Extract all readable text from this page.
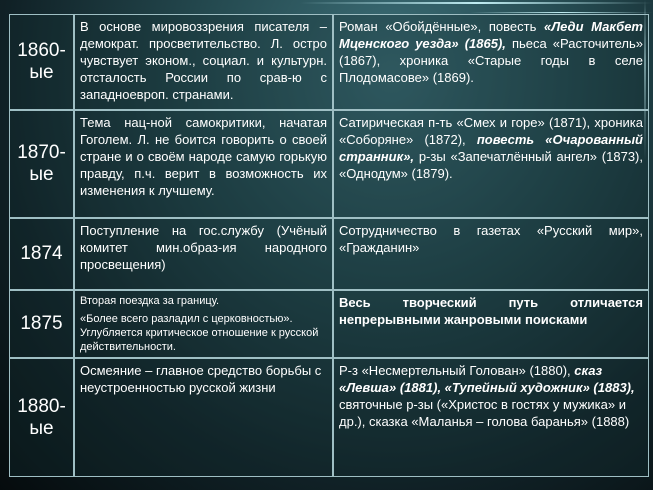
1860-ые
В основе мировоззрения писателя – демократ. просветительство. Л. остро чувствует эконом., социал. и культурн. отсталость России по срав-ю с западноевроп. странами.
Роман «Обойдённые», повесть «Леди Макбет Мценского уезда» (1865), пьеса «Расточитель» (1867), хроника «Старые годы в селе Плодомасове» (1869).
1870-ые
Тема нац-ной самокритики, начатая Гоголем. Л. не боится говорить о своей стране и о своём народе самую горькую правду, п.ч. верит в возможность их изменения к лучшему.
Сатирическая п-ть «Смех и горе» (1871), хроника «Соборяне» (1872), повесть «Очарованный странник», р-зы «Запечатлённый ангел» (1873), «Однодум» (1879).
1874
Поступление на гос.службу (Учёный комитет мин.образ-ия народного просвещения)
Сотрудничество в газетах «Русский мир», «Гражданин»
1875

Вторая поездка за границу.

«Более всего разладил с церковностью». Углубляется критическое отношение к русской действительности.

Весь творческий путь отличается непрерывными жанровыми поисками
1880-ые
Осмеяние – главное средство борьбы с неустроенностью русской жизни
Р-з «Несмертельный Голован» (1880), сказ «Левша» (1881), «Тупейный художник» (1883), святочные р-зы («Христос в гостях у мужика» и др.), сказка «Маланья – голова баранья» (1888)
